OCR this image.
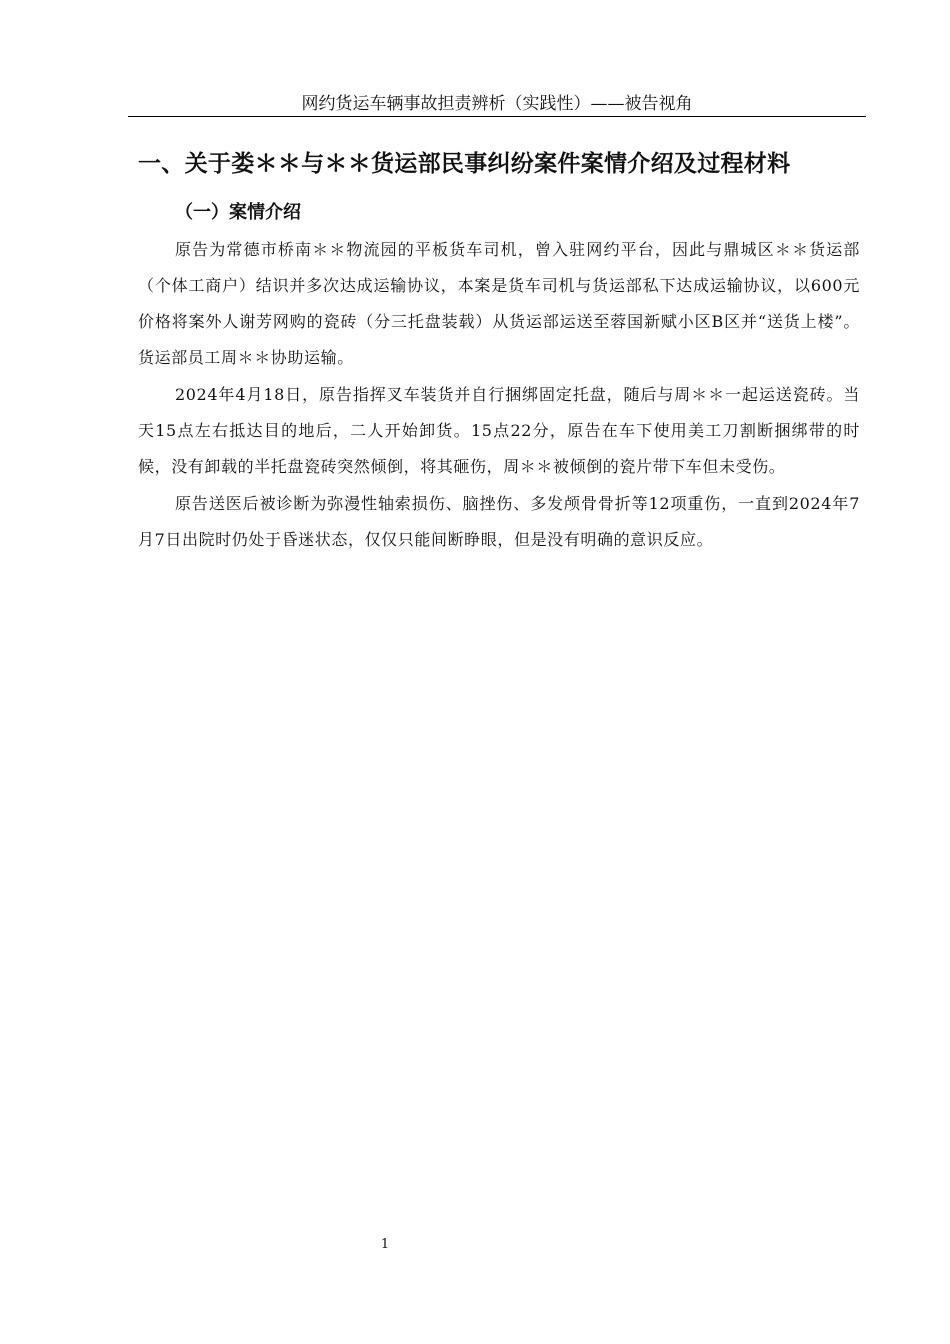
网约货运车辆事故担责辨析（实践性）——被告视角
一、关于娄＊＊与＊＊货运部民事纠纷案件案情介绍及过程材料
（一）案情介绍

原告为常德市桥南＊＊物流园的平板货车司机，曾入驻网约平台，因此与鼎城区＊＊货运部（个体工商户）结识并多次达成运输协议，本案是货车司机与货运部私下达成运输协议，以600元价格将案外人谢芳网购的瓷砖（分三托盘装载）从货运部运送至蓉国新赋小区B区并“送货上楼”。货运部员工周＊＊协助运输。

2024年4月18日，原告指挥叉车装货并自行捆绑固定托盘，随后与周＊＊一起运送瓷砖。当天15点左右抵达目的地后，二人开始卸货。15点22分，原告在车下使用美工刀割断捆绑带的时候，没有卸载的半托盘瓷砖突然倾倒，将其砸伤，周＊＊被倾倒的瓷片带下车但未受伤。

原告送医后被诊断为弥漫性轴索损伤、脑挫伤、多发颅骨骨折等12项重伤，一直到2024年7月7日出院时仍处于昏迷状态，仅仅只能间断睁眼，但是没有明确的意识反应。

1
